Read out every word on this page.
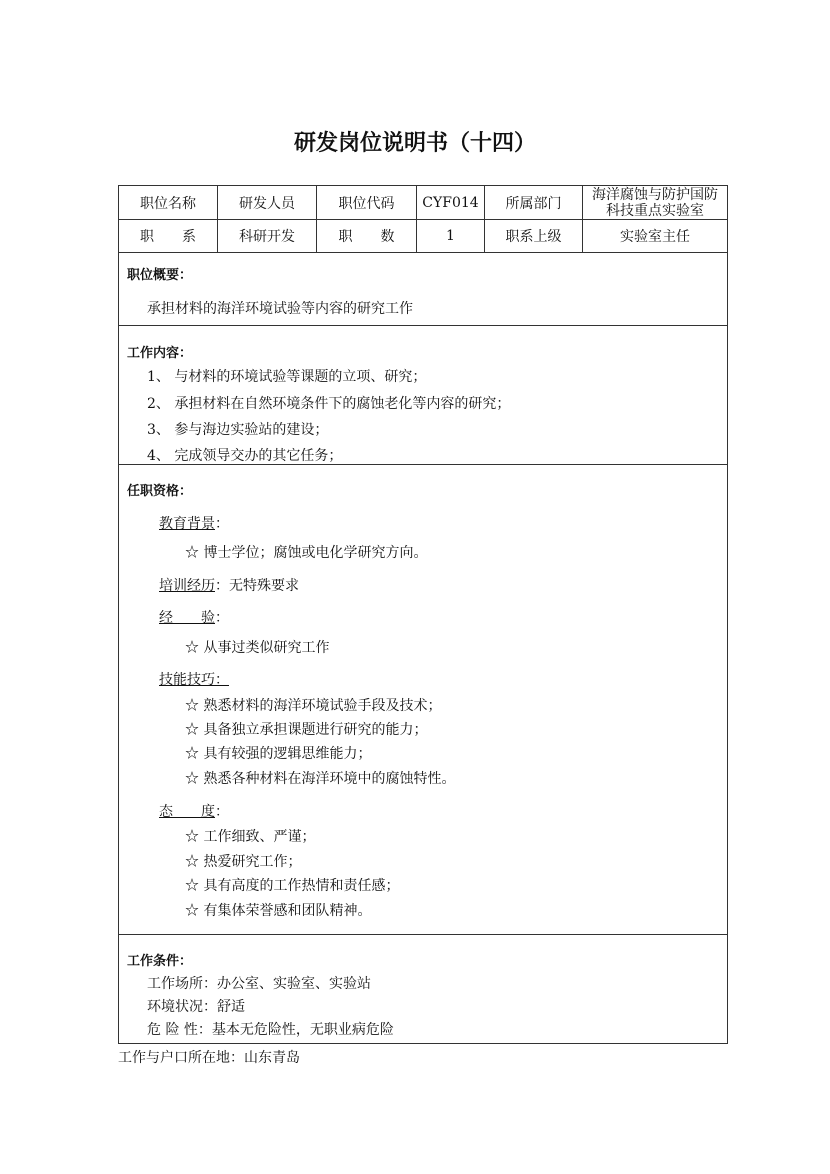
研发岗位说明书（十四）
职位名称	研发人员	职位代码	CYF014	所属部门	海洋腐蚀与防护国防
科技重点实验室

职　　系	科研开发	职　　数	1	职系上级	实验室主任
职位概要：
承担材料的海洋环境试验等内容的研究工作
工作内容：
1、 与材料的环境试验等课题的立项、研究；
2、 承担材料在自然环境条件下的腐蚀老化等内容的研究；
3、 参与海边实验站的建设；
4、 完成领导交办的其它任务；
任职资格：
教育背景：
☆ 博士学位；腐蚀或电化学研究方向。
培训经历：无特殊要求
经　　验：
☆ 从事过类似研究工作
技能技巧：
☆ 熟悉材料的海洋环境试验手段及技术；
☆ 具备独立承担课题进行研究的能力；
☆ 具有较强的逻辑思维能力；
☆ 熟悉各种材料在海洋环境中的腐蚀特性。
态　　度：
☆ 工作细致、严谨；
☆ 热爱研究工作；
☆ 具有高度的工作热情和责任感；
☆ 有集体荣誉感和团队精神。
工作条件：
工作场所：办公室、实验室、实验站
环境状况：舒适
危 险 性：基本无危险性，无职业病危险
工作与户口所在地：山东青岛
